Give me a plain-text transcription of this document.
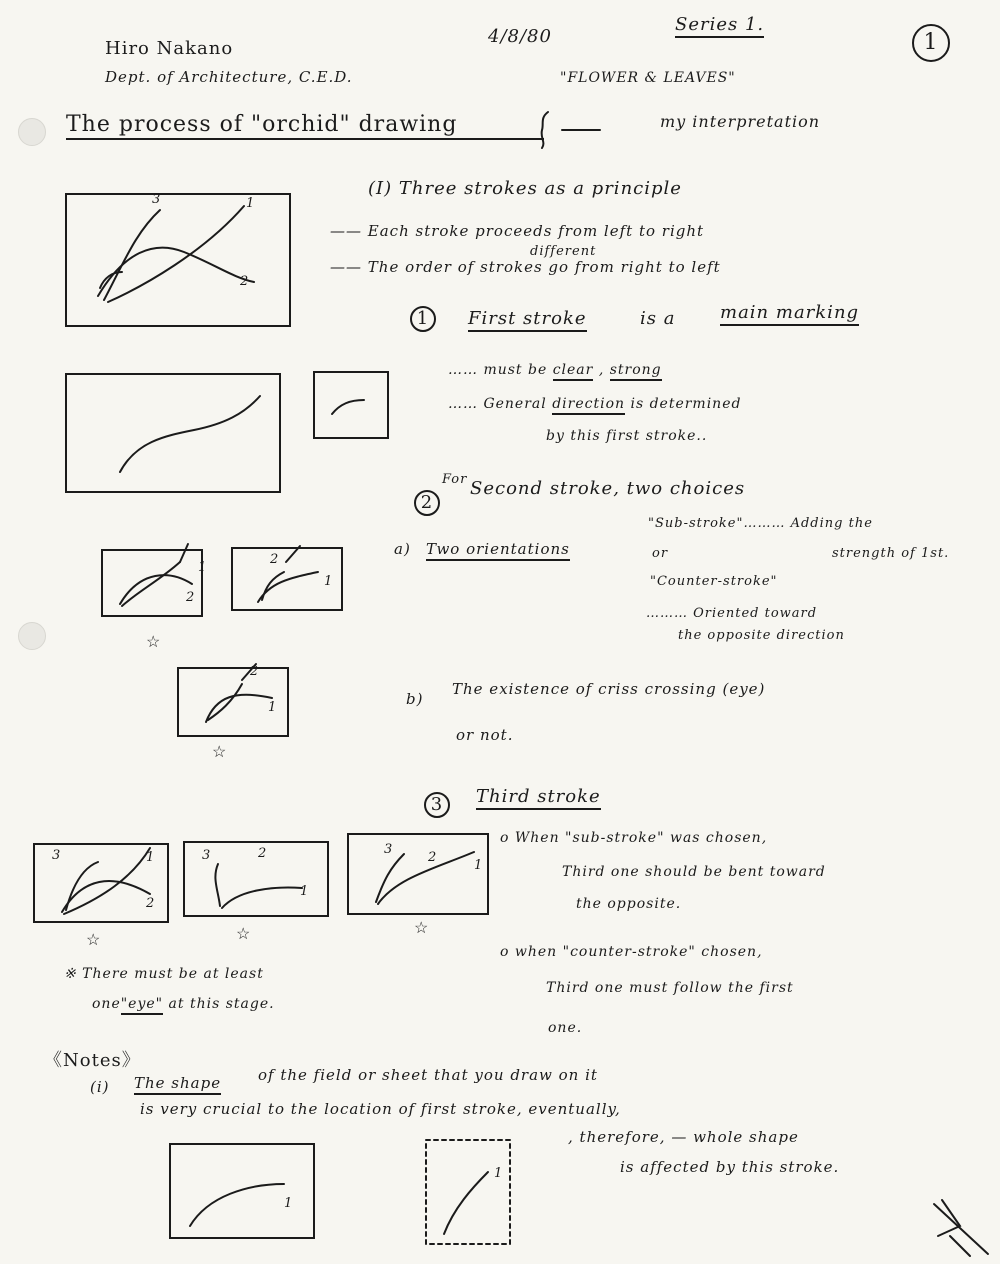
Hiro Nakano
Dept. of Architecture, C.E.D.
4/8/80
Series 1.
1
"FLOWER & LEAVES"
The process of "orchid" drawing	my interpretation
(I) Three strokes as a principle
—— Each stroke proceeds from left to right
different
—— The order of strokes go from right to left
3	1
2
1	First stroke	is a main marking
…… must be clear , strong
…… General direction is determined
by this first stroke..
For
2
Second stroke, two choices
a) Two orientations
"Sub-stroke"……… Adding the
or	strength of 1st.
"Counter-stroke"
……… Oriented toward
the opposite direction
1
2
2
1
2
1
☆
☆
b)
The existence of criss crossing (eye)
or not.
3	Third stroke
3	1
2
3	2
1
3
2
1
☆	☆	☆
o When "sub-stroke" was chosen,
Third one should be bent toward
the opposite.
o when "counter-stroke" chosen,
Third one must follow the first
one.
※ There must be at least
one"eye" at this stage.
《Notes》
(i) The shape of the field or sheet that you draw on it
is very crucial to the location of first stroke, eventually,
, therefore, — whole shape
is affected by this stroke.
1
1
